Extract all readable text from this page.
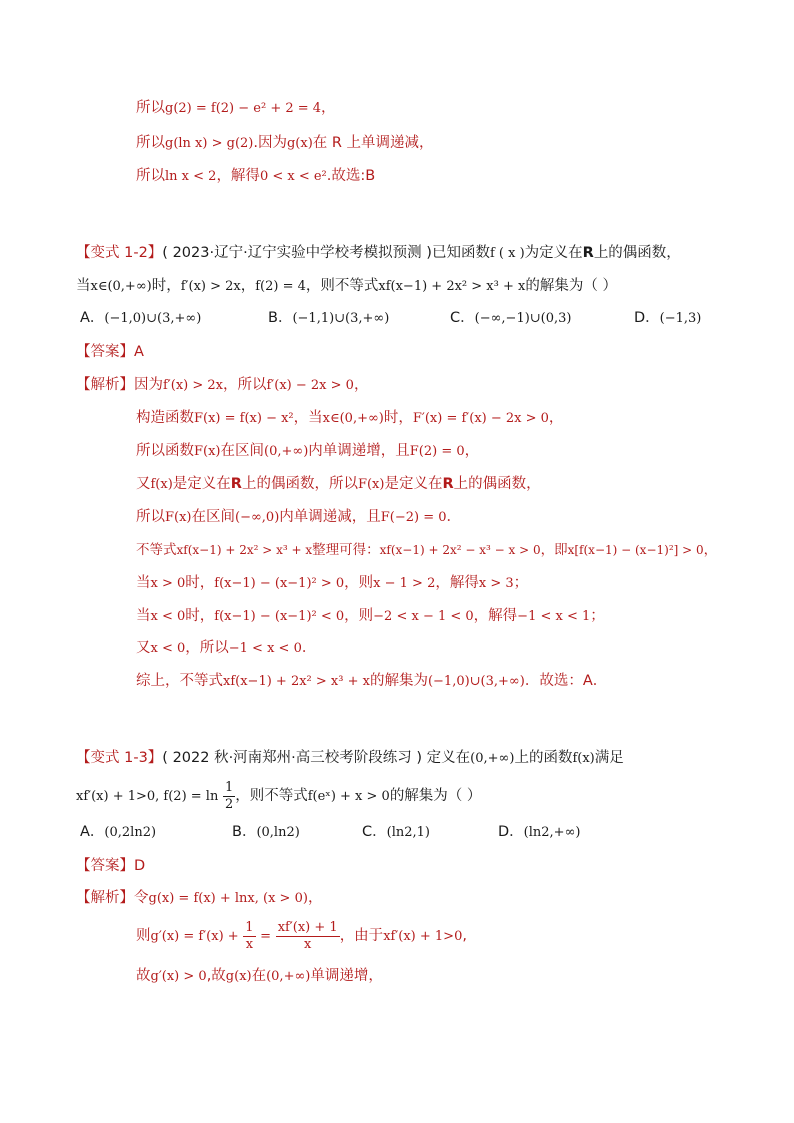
所以g(2) = f(2) − e² + 2 = 4，
所以g(ln x) > g(2).因为g(x)在 R 上单调递减，
所以ln x < 2，解得0 < x < e².故选:B
【变式 1-2】( 2023·辽宁·辽宁实验中学校考模拟预测 )已知函数f ( x )为定义在R上的偶函数，
当x∈(0,+∞)时，f′(x) > 2x，f(2) = 4，则不等式xf(x−1) + 2x² > x³ + x的解集为（ ）
A．(−1,0)∪(3,+∞)	B．(−1,1)∪(3,+∞)	C．(−∞,−1)∪(0,3)	D．(−1,3)
【答案】A
【解析】因为f′(x) > 2x，所以f′(x) − 2x > 0，
构造函数F(x) = f(x) − x²，当x∈(0,+∞)时，F′(x) = f′(x) − 2x > 0，
所以函数F(x)在区间(0,+∞)内单调递增，且F(2) = 0，
又f(x)是定义在R上的偶函数，所以F(x)是定义在R上的偶函数，
所以F(x)在区间(−∞,0)内单调递减，且F(−2) = 0．
不等式xf(x−1) + 2x² > x³ + x整理可得：xf(x−1) + 2x² − x³ − x > 0，即x[f(x−1) − (x−1)²] > 0，
当x > 0时，f(x−1) − (x−1)² > 0，则x − 1 > 2，解得x > 3；
当x < 0时，f(x−1) − (x−1)² < 0，则−2 < x − 1 < 0，解得−1 < x < 1；
又x < 0，所以−1 < x < 0．
综上，不等式xf(x−1) + 2x² > x³ + x的解集为(−1,0)∪(3,+∞)．故选：A．
【变式 1-3】( 2022 秋·河南郑州·高三校考阶段练习 ) 定义在(0,+∞)上的函数f(x)满足
xf′(x) + 1>0, $f(2) = \ln \frac{1}{2}$ ，则不等式f(eˣ) + x > 0的解集为（ ）
A．(0,2ln2)	B．(0,ln2)	C．(ln2,1)	D．(ln2,+∞)
【答案】D
【解析】令g(x) = f(x) + lnx, (x > 0)，
则$g'(x) = f'(x) + \frac{1}{x} = \frac{xf'(x) + 1}{x}$ ，由于xf′(x) + 1>0,
故g′(x) > 0,故g(x)在(0,+∞)单调递增，
